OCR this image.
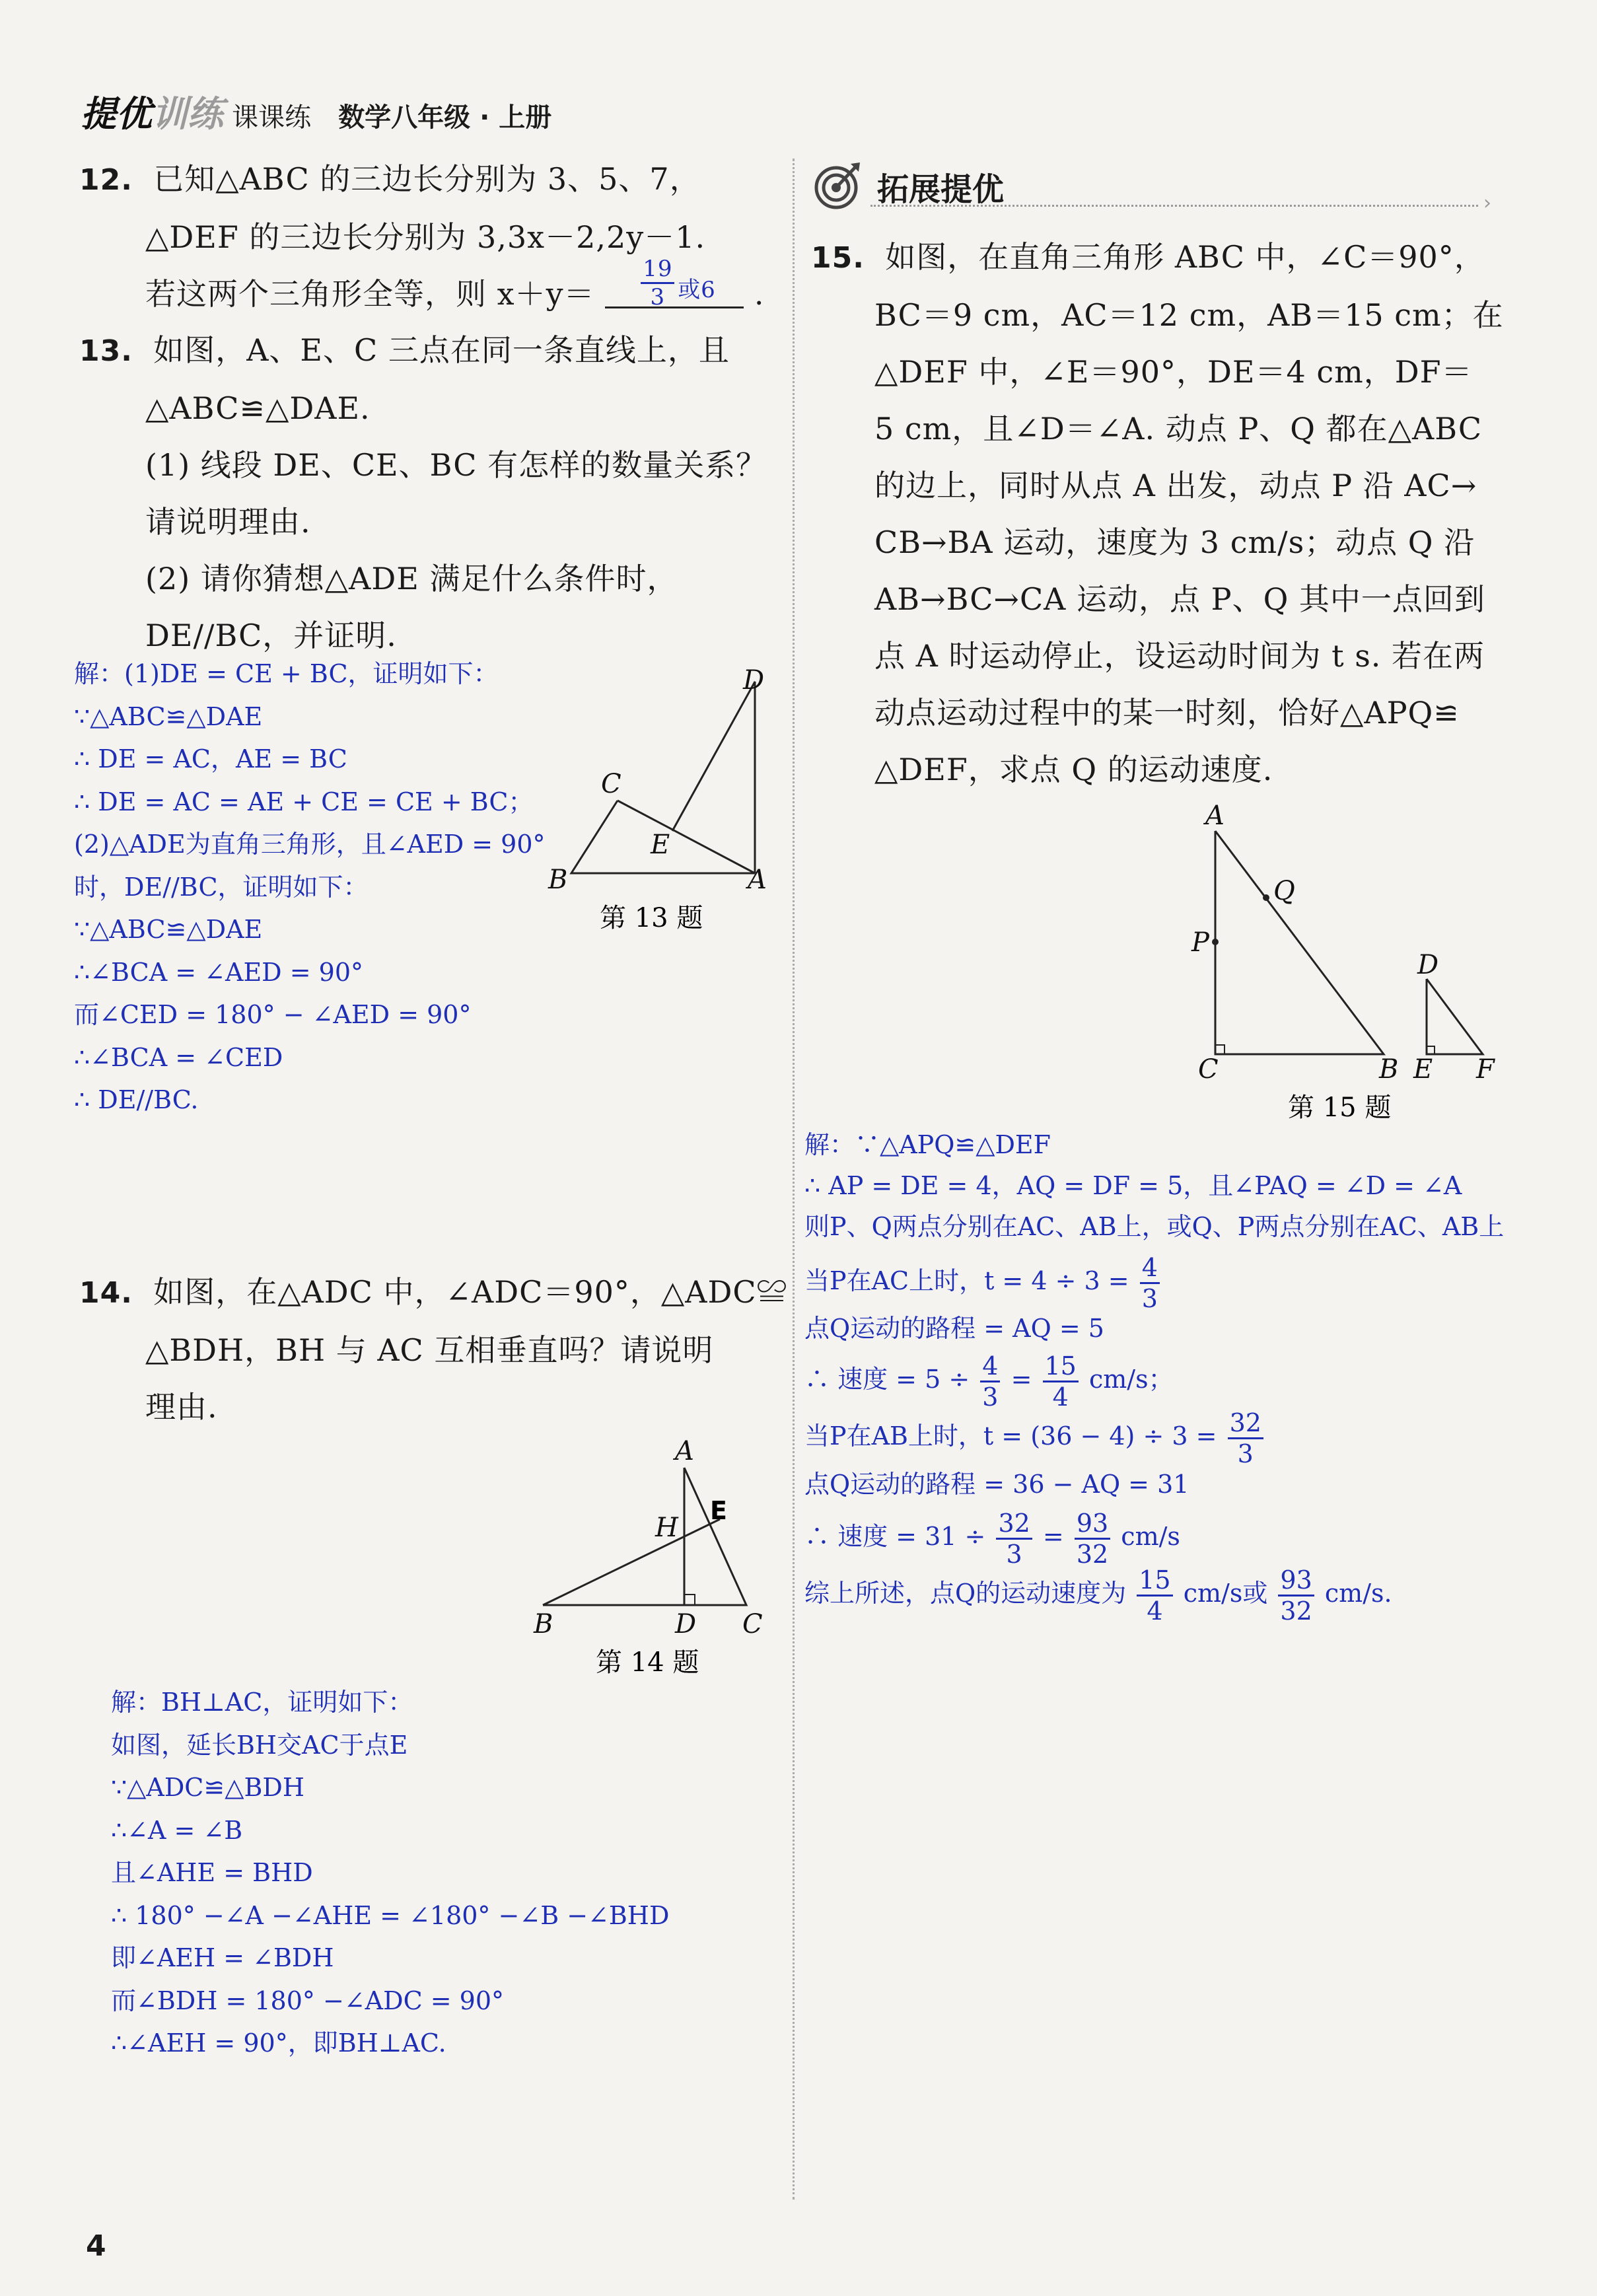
提优训练 课课练 数学八年级 · 上册
12. 已知△ABC 的三边长分别为 3、5、7，
△DEF 的三边长分别为 3,3x－2,2y－1.
若这两个三角形全等，则 $x+y= \frac{19}{3}$ 或6 .
13. 如图，A、E、C 三点在同一条直线上，且
△ABC≌△DAE.
(1) 线段 DE、CE、BC 有怎样的数量关系？
请说明理由.
(2) 请你猜想△ADE 满足什么条件时，
DE//BC，并证明.
解：(1)DE = CE + BC，证明如下：
∵△ABC≌△DAE
∴ DE = AC，AE = BC
∴ DE = AC = AE + CE = CE + BC；
(2)△ADE为直角三角形，且∠AED = 90°
时，DE//BC，证明如下：
∵△ABC≌△DAE
∴∠BCA = ∠AED = 90°
而∠CED = 180° − ∠AED = 90°
∴∠BCA = ∠CED
∴ DE//BC.
D
C
E
B	A
第 13 题
14. 如图，在△ADC 中，∠ADC＝90°，△ADC≌
△BDH，BH 与 AC 互相垂直吗？请说明
理由.
A
H
E
B	D C
第 14 题
解：BH⊥AC，证明如下：
如图，延长BH交AC于点E
∵△ADC≌△BDH
∴∠A = ∠B
且∠AHE = BHD
∴ 180° −∠A −∠AHE = ∠180° −∠B −∠BHD
即∠AEH = ∠BDH
而∠BDH = 180° −∠ADC = 90°
∴∠AEH = 90°，即BH⊥AC.
拓展提优	›
15. 如图，在直角三角形 ABC 中，∠C＝90°，
BC＝9 cm，AC＝12 cm，AB＝15 cm；在
△DEF 中，∠E＝90°，DE＝4 cm，DF＝
5 cm，且∠D＝∠A. 动点 P、Q 都在△ABC
的边上，同时从点 A 出发，动点 P 沿 AC→
CB→BA 运动，速度为 3 cm/s；动点 Q 沿
AB→BC→CA 运动，点 P、Q 其中一点回到
点 A 时运动停止，设运动时间为 t s. 若在两
动点运动过程中的某一时刻，恰好△APQ≌
△DEF，求点 Q 的运动速度.
A
Q
P
C	B
D
E F
第 15 题
解：∵△APQ≌△DEF
∴ AP = DE = 4，AQ = DF = 5，且∠PAQ = ∠D = ∠A
则P、Q两点分别在AC、AB上，或Q、P两点分别在AC、AB上
当P在AC上时，$t = 4 \div 3 = \frac{4}{3}$
点Q运动的路程 = AQ = 5
∴ 速度 = $5 \div \frac{4}{3} = \frac{15}{4} cm/s$；
当P在AB上时，$t = (36 - 4) \div 3 = \frac{32}{3}$
点Q运动的路程 = 36 − AQ = 31
∴ 速度 = $31 \div \frac{32}{3} = \frac{93}{32} cm/s$
综上所述，点Q的运动速度为 $\frac{15}{4} cm/s$或 $\frac{93}{32} cm/s$.
4
